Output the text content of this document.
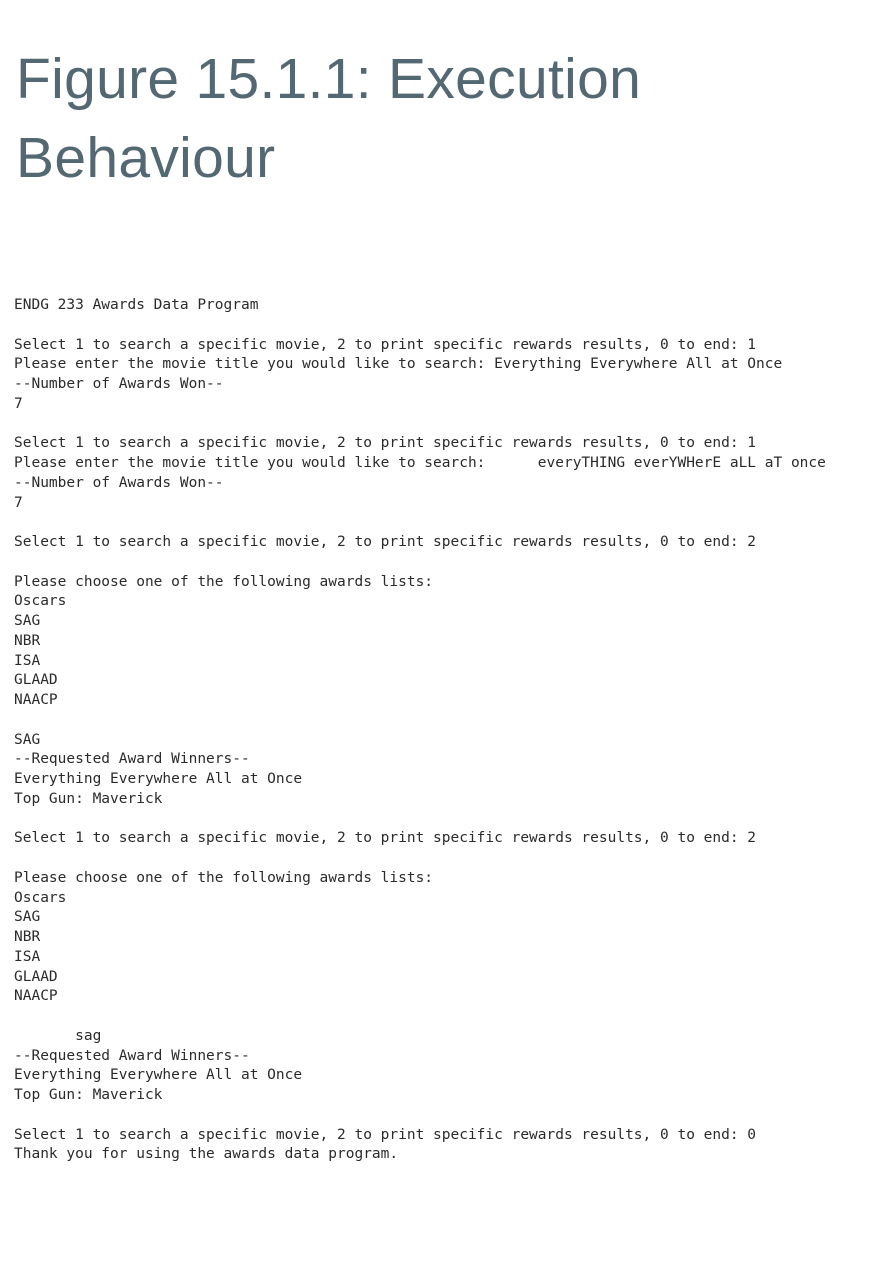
Figure 15.1.1: Execution Behaviour
ENDG 233 Awards Data Program
Select 1 to search a specific movie, 2 to print specific rewards results, 0 to end: 1
Please enter the movie title you would like to search: Everything Everywhere All at Once
--Number of Awards Won--
7
Select 1 to search a specific movie, 2 to print specific rewards results, 0 to end: 1
Please enter the movie title you would like to search:      everyTHING everYWHerE aLL aT once
--Number of Awards Won--
7
Select 1 to search a specific movie, 2 to print specific rewards results, 0 to end: 2
Please choose one of the following awards lists:
Oscars
SAG
NBR
ISA
GLAAD
NAACP
SAG
--Requested Award Winners--
Everything Everywhere All at Once
Top Gun: Maverick
Select 1 to search a specific movie, 2 to print specific rewards results, 0 to end: 2
Please choose one of the following awards lists:
Oscars
SAG
NBR
ISA
GLAAD
NAACP
sag
--Requested Award Winners--
Everything Everywhere All at Once
Top Gun: Maverick
Select 1 to search a specific movie, 2 to print specific rewards results, 0 to end: 0
Thank you for using the awards data program.
